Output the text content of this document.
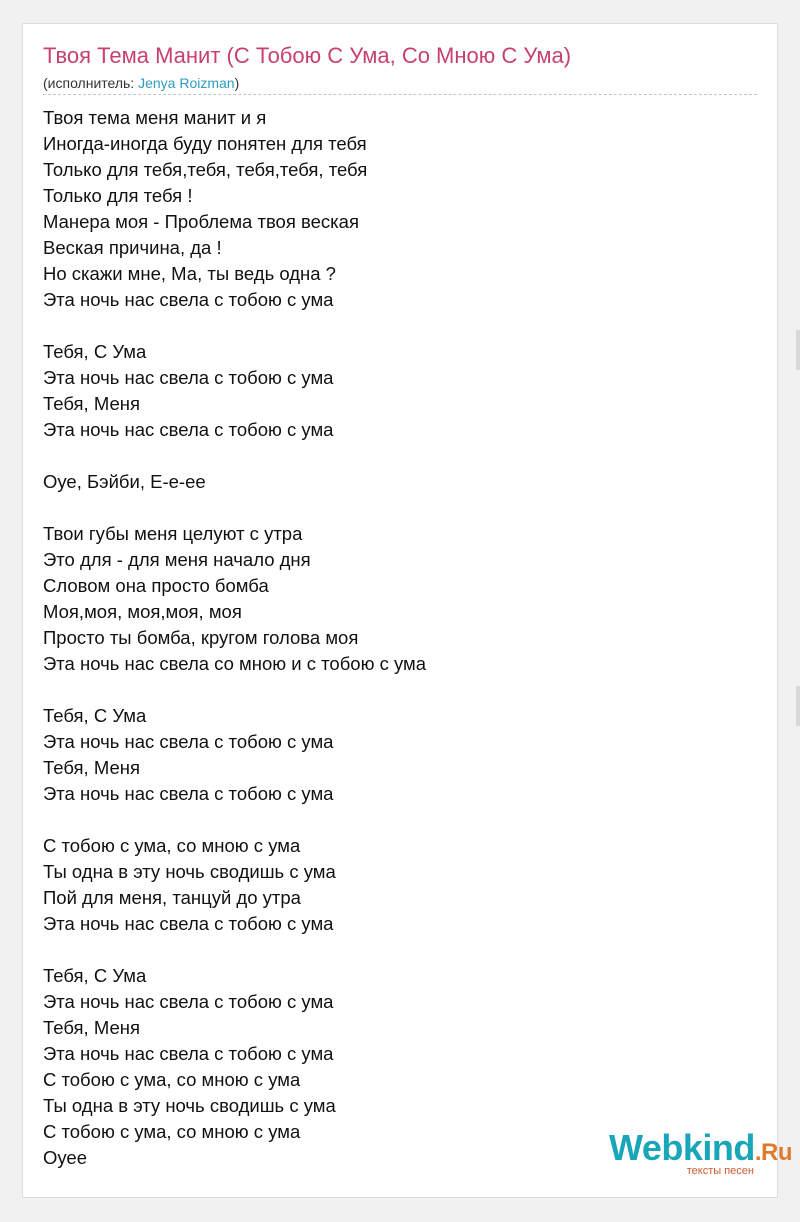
Твоя Тема Манит (С Тобою С Ума, Со Мною С Ума)
(исполнитель: Jenya Roizman)
Твоя тема меня манит и я
Иногда-иногда буду понятен для тебя
Только для тебя,тебя, тебя,тебя, тебя
Только для тебя !
Манера моя - Проблема твоя веская
Веская причина, да !
Но скажи мне, Ма, ты ведь одна ?
Эта ночь нас свела с тобою с ума
Тебя, С Ума
Эта ночь нас свела с тобою с ума
Тебя, Меня
Эта ночь нас свела с тобою с ума
Оуе, Бэйби, Е-е-ее
Твои губы меня целуют с утра
Это для - для меня начало дня
Словом она просто бомба
Моя,моя, моя,моя, моя
Просто ты бомба, кругом голова моя
Эта ночь нас свела со мною и с тобою с ума
Тебя, С Ума
Эта ночь нас свела с тобою с ума
Тебя, Меня
Эта ночь нас свела с тобою с ума
С тобою с ума, со мною с ума
Ты одна в эту ночь сводишь с ума
Пой для меня, танцуй до утра
Эта ночь нас свела с тобою с ума
Тебя, С Ума
Эта ночь нас свела с тобою с ума
Тебя, Меня
Эта ночь нас свела с тобою с ума
С тобою с ума, со мною с ума
Ты одна в эту ночь сводишь с ума
С тобою с ума, со мною с ума
Оуее	Webkind.Ru
тексты песен
